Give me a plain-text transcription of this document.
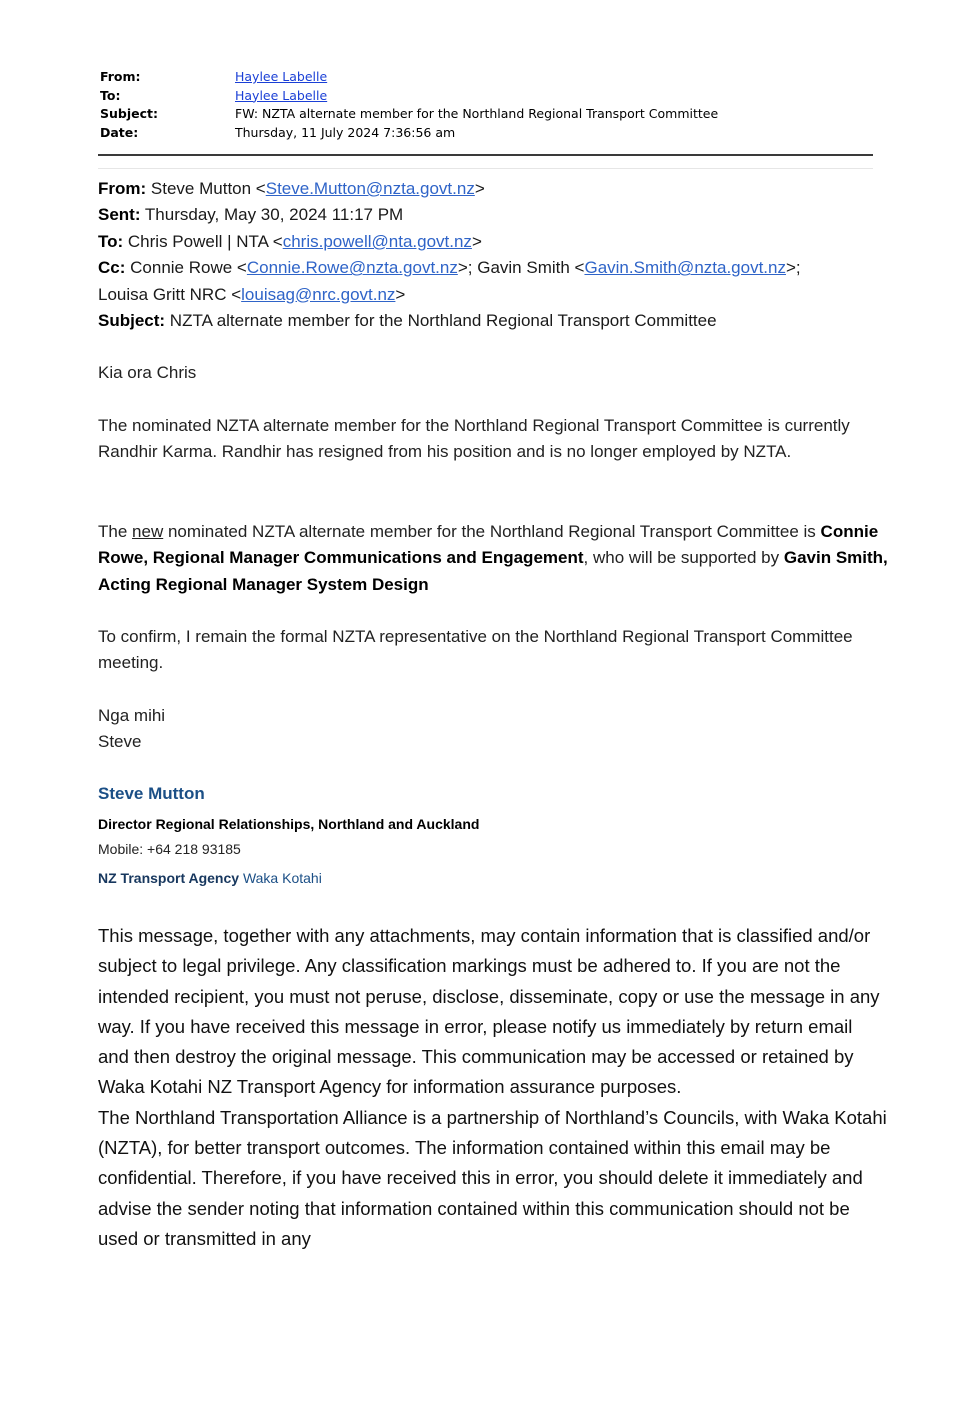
From:	Haylee Labelle
To:	Haylee Labelle
Subject:	FW: NZTA alternate member for the Northland Regional Transport Committee
Date:	Thursday, 11 July 2024 7:36:56 am
From: Steve Mutton <Steve.Mutton@nzta.govt.nz>
Sent: Thursday, May 30, 2024 11:17 PM
To: Chris Powell | NTA <chris.powell@nta.govt.nz>
Cc: Connie Rowe <Connie.Rowe@nzta.govt.nz>; Gavin Smith <Gavin.Smith@nzta.govt.nz>;
Louisa Gritt NRC <louisag@nrc.govt.nz>
Subject: NZTA alternate member for the Northland Regional Transport Committee

Kia ora Chris

The nominated NZTA alternate member for the Northland Regional Transport Committee is currently Randhir Karma. Randhir has resigned from his position and is no longer employed by NZTA.

The new nominated NZTA alternate member for the Northland Regional Transport Committee is Connie Rowe, Regional Manager Communications and Engagement, who will be supported by Gavin Smith, Acting Regional Manager System Design

To confirm, I remain the formal NZTA representative on the Northland Regional Transport Committee meeting.

Nga mihi

Steve

Steve Mutton
Director Regional Relationships, Northland and Auckland
Mobile: +64 218 93185
NZ Transport Agency Waka Kotahi

This message, together with any attachments, may contain information that is classified and/or subject to legal privilege. Any classification markings must be adhered to. If you are not the intended recipient, you must not peruse, disclose, disseminate, copy or use the message in any way. If you have received this message in error, please notify us immediately by return email and then destroy the original message. This communication may be accessed or retained by Waka Kotahi NZ Transport Agency for information assurance purposes.

The Northland Transportation Alliance is a partnership of Northland’s Councils, with Waka Kotahi (NZTA), for better transport outcomes. The information contained within this email may be confidential. Therefore, if you have received this in error, you should delete it immediately and advise the sender noting that information contained within this communication should not be used or transmitted in any
